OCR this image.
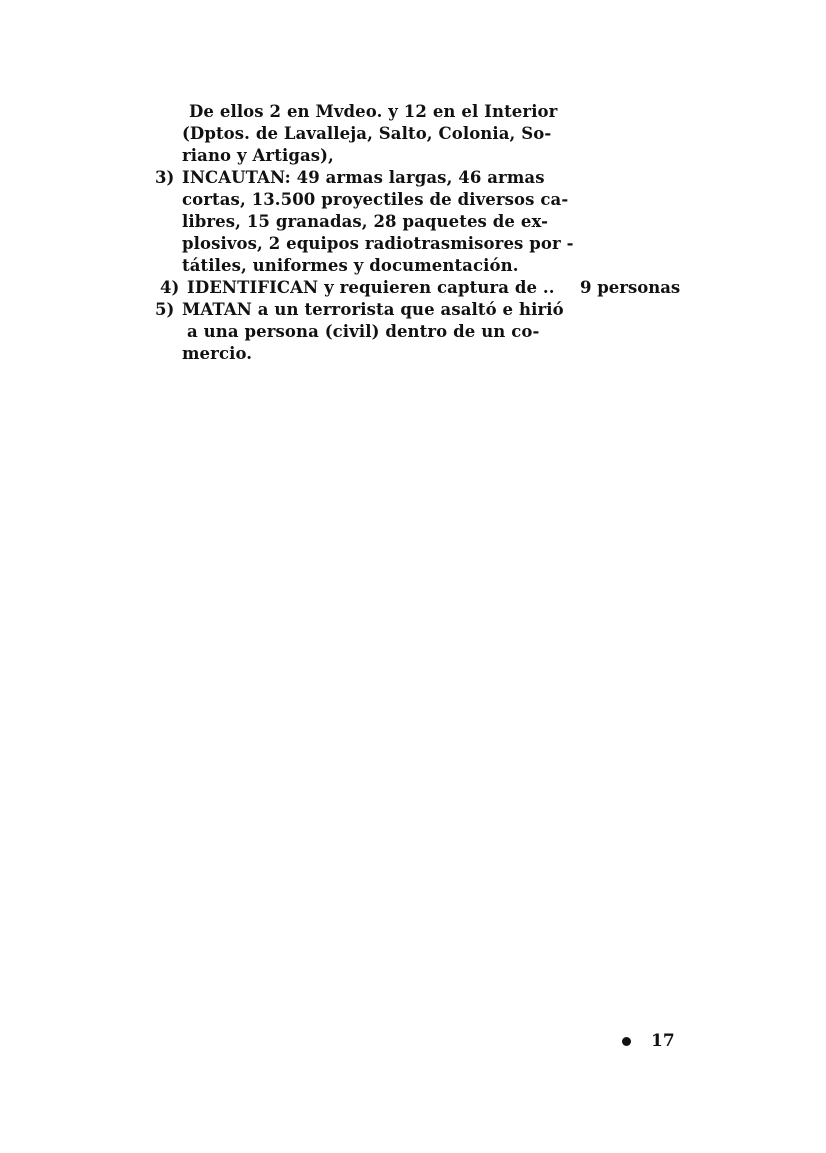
3)
4)
5)
De ellos 2 en Mvdeo. y 12 en el Interior
(Dptos. de Lavalleja, Salto, Colonia, So-
riano y Artigas),
INCAUTAN: 49 armas largas, 46 armas
cortas, 13.500 proyectiles de diversos ca-
libres, 15 granadas, 28 paquetes de ex-
plosivos, 2 equipos radiotrasmisores por -
tátiles, uniformes y documentación.
IDENTIFICAN y requieren captura de ..
MATAN a un terrorista que asaltó e hirió
a una persona (civil) dentro de un co-
mercio.
9 personas
17
